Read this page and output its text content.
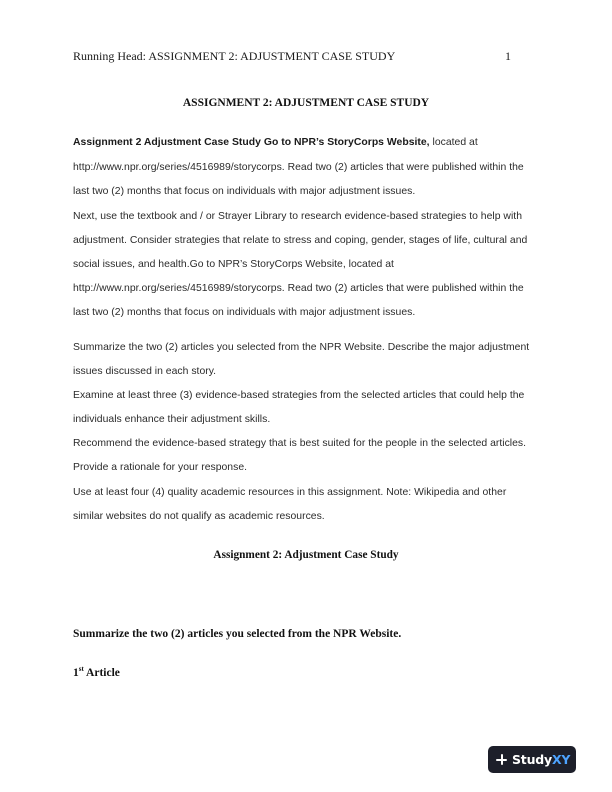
Running Head: ASSIGNMENT 2: ADJUSTMENT CASE STUDY	1
ASSIGNMENT 2: ADJUSTMENT CASE STUDY
Assignment 2 Adjustment Case Study Go to NPR’s StoryCorps Website, located at
http://www.npr.org/series/4516989/storycorps. Read two (2) articles that were published within the
last two (2) months that focus on individuals with major adjustment issues.
Next, use the textbook and / or Strayer Library to research evidence-based strategies to help with
adjustment. Consider strategies that relate to stress and coping, gender, stages of life, cultural and
social issues, and health.Go to NPR’s StoryCorps Website, located at
http://www.npr.org/series/4516989/storycorps. Read two (2) articles that were published within the
last two (2) months that focus on individuals with major adjustment issues.
Summarize the two (2) articles you selected from the NPR Website. Describe the major adjustment
issues discussed in each story.
Examine at least three (3) evidence-based strategies from the selected articles that could help the
individuals enhance their adjustment skills.
Recommend the evidence-based strategy that is best suited for the people in the selected articles.
Provide a rationale for your response.
Use at least four (4) quality academic resources in this assignment. Note: Wikipedia and other
similar websites do not qualify as academic resources.
Assignment 2: Adjustment Case Study
Summarize the two (2) articles you selected from the NPR Website.
1st Article
StudyXY
